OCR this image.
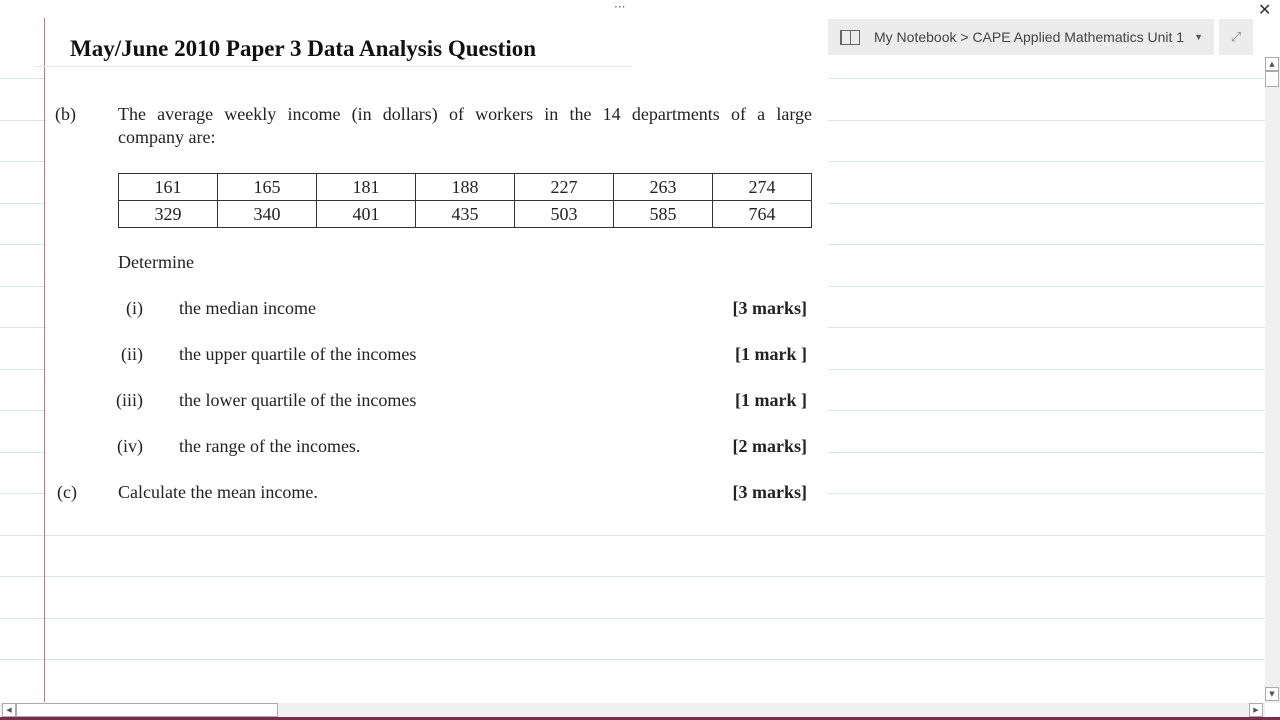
···
May/June 2010 Paper 3 Data Analysis Question
(b) The average weekly income (in dollars) of workers in the 14 departments of a large
company are:
161	165	181	188	227	263	274
329	340	401	435	503	585	764
Determine
(i) the median income	[3 marks]
(ii) the upper quartile of the incomes	[1 mark ]
(iii) the lower quartile of the incomes	[1 mark ]
(iv) the range of the incomes.	[2 marks]
(c) Calculate the mean income.	[3 marks]
My Notebook > CAPE Applied Mathematics Unit 1 ▼	⤢
✕
▲
▼
◀	▶
